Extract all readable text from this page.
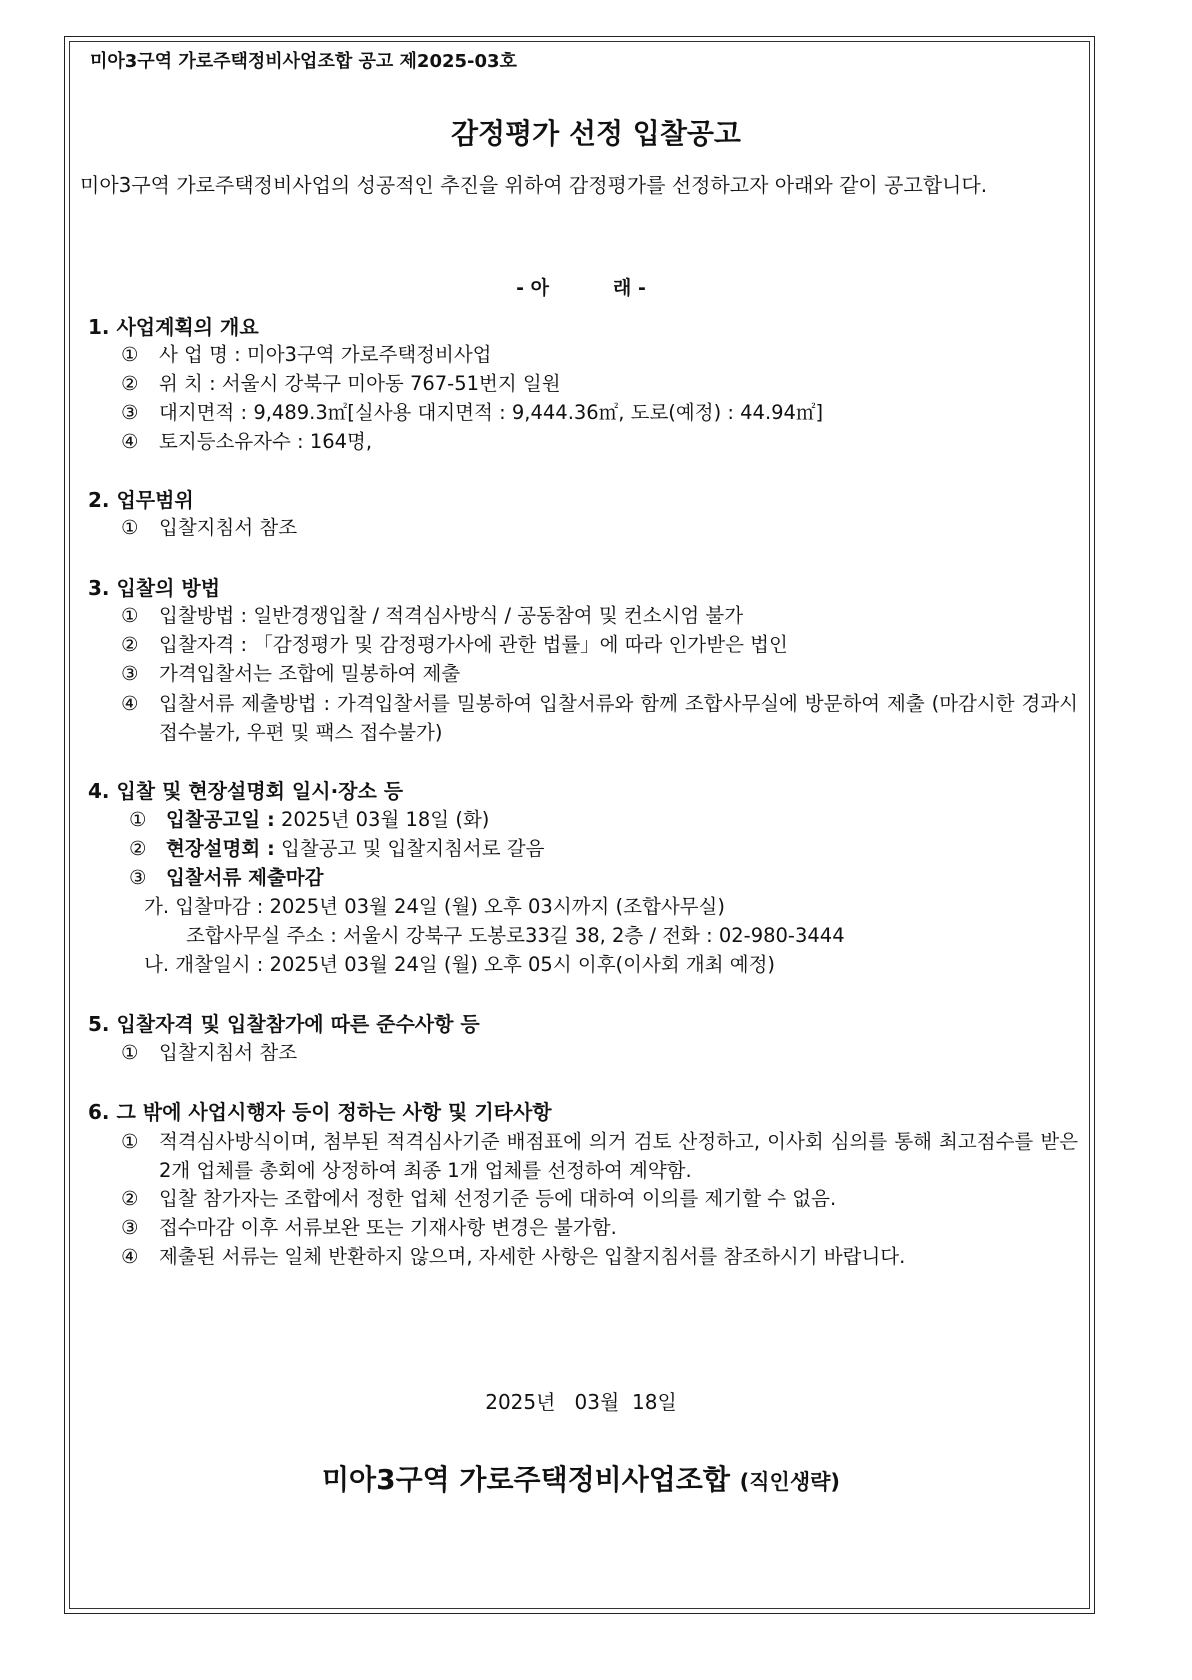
미아3구역 가로주택정비사업조합 공고 제2025-03호
감정평가 선정 입찰공고
미아3구역 가로주택정비사업의 성공적인 추진을 위하여 감정평가를 선정하고자 아래와 같이 공고합니다.
- 아	래 -
1. 사업계획의 개요
① 사 업 명 : 미아3구역 가로주택정비사업
② 위 치 : 서울시 강북구 미아동 767-51번지 일원
③ 대지면적 : 9,489.3㎡[실사용 대지면적 : 9,444.36㎡, 도로(예정) : 44.94㎡]
④ 토지등소유자수 : 164명,
2. 업무범위
① 입찰지침서 참조
3. 입찰의 방법
① 입찰방법 : 일반경쟁입찰 / 적격심사방식 / 공동참여 및 컨소시엄 불가
② 입찰자격 : 「감정평가 및 감정평가사에 관한 법률」에 따라 인가받은 법인
③ 가격입찰서는 조합에 밀봉하여 제출
④	입찰서류 제출방법 : 가격입찰서를 밀봉하여 입찰서류와 함께 조합사무실에 방문하여 제출 (마감시한 경과시 접수불가, 우편 및 팩스 접수불가)
4. 입찰 및 현장설명회 일시·장소 등
① 입찰공고일 : 2025년 03월 18일 (화)
② 현장설명회 : 입찰공고 및 입찰지침서로 갈음
③ 입찰서류 제출마감
가. 입찰마감 : 2025년 03월 24일 (월) 오후 03시까지 (조합사무실)
조합사무실 주소 : 서울시 강북구 도봉로33길 38, 2층 / 전화 : 02-980-3444
나. 개찰일시 : 2025년 03월 24일 (월) 오후 05시 이후(이사회 개최 예정)
5. 입찰자격 및 입찰참가에 따른 준수사항 등
① 입찰지침서 참조
6. 그 밖에 사업시행자 등이 정하는 사항 및 기타사항
①	적격심사방식이며, 첨부된 적격심사기준 배점표에 의거 검토 산정하고, 이사회 심의를 통해 최고점수를 받은 2개 업체를 총회에 상정하여 최종 1개 업체를 선정하여 계약함.
② 입찰 참가자는 조합에서 정한 업체 선정기준 등에 대하여 이의를 제기할 수 없음.
③ 접수마감 이후 서류보완 또는 기재사항 변경은 불가함.
④ 제출된 서류는 일체 반환하지 않으며, 자세한 사항은 입찰지침서를 참조하시기 바랍니다.
2025년   03월  18일
미아3구역 가로주택정비사업조합 (직인생략)
